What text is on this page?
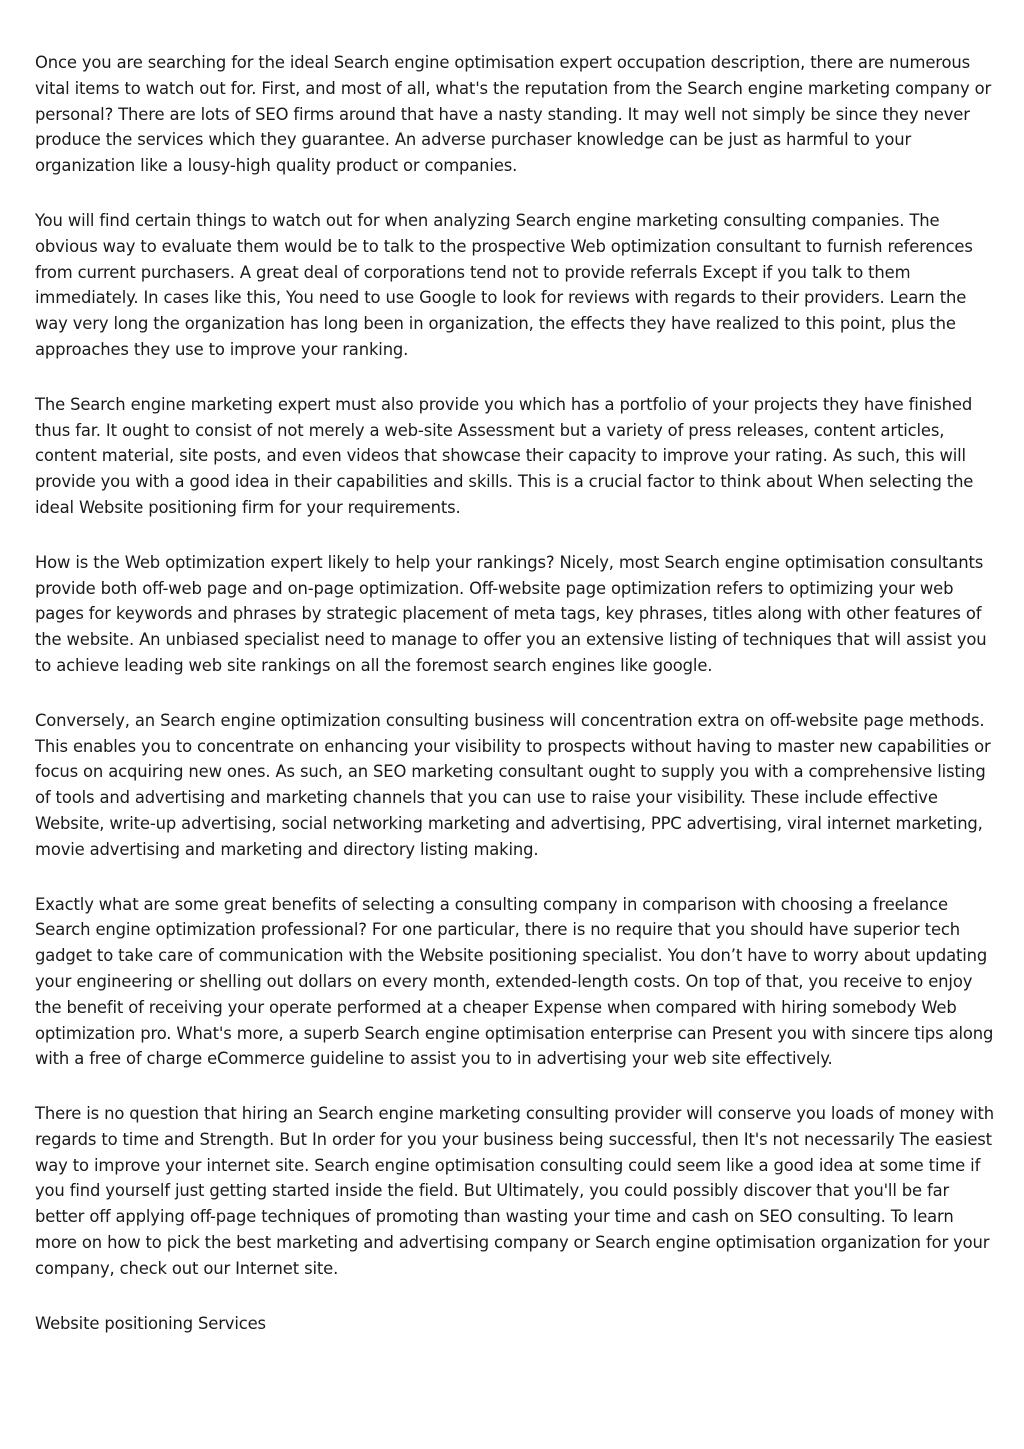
Once you are searching for the ideal Search engine optimisation expert occupation description, there are numerous vital items to watch out for. First, and most of all, what's the reputation from the Search engine marketing company or personal? There are lots of SEO firms around that have a nasty standing. It may well not simply be since they never produce the services which they guarantee. An adverse purchaser knowledge can be just as harmful to your organization like a lousy-high quality product or companies.

You will find certain things to watch out for when analyzing Search engine marketing consulting companies. The obvious way to evaluate them would be to talk to the prospective Web optimization consultant to furnish references from current purchasers. A great deal of corporations tend not to provide referrals Except if you talk to them immediately. In cases like this, You need to use Google to look for reviews with regards to their providers. Learn the way very long the organization has long been in organization, the effects they have realized to this point, plus the approaches they use to improve your ranking.

The Search engine marketing expert must also provide you which has a portfolio of your projects they have finished thus far. It ought to consist of not merely a web-site Assessment but a variety of press releases, content articles, content material, site posts, and even videos that showcase their capacity to improve your rating. As such, this will provide you with a good idea in their capabilities and skills. This is a crucial factor to think about When selecting the ideal Website positioning firm for your requirements.

How is the Web optimization expert likely to help your rankings? Nicely, most Search engine optimisation consultants provide both off-web page and on-page optimization. Off-website page optimization refers to optimizing your web pages for keywords and phrases by strategic placement of meta tags, key phrases, titles along with other features of the website. An unbiased specialist need to manage to offer you an extensive listing of techniques that will assist you to achieve leading web site rankings on all the foremost search engines like google.

Conversely, an Search engine optimization consulting business will concentration extra on off-website page methods. This enables you to concentrate on enhancing your visibility to prospects without having to master new capabilities or focus on acquiring new ones. As such, an SEO marketing consultant ought to supply you with a comprehensive listing of tools and advertising and marketing channels that you can use to raise your visibility. These include effective Website, write-up advertising, social networking marketing and advertising, PPC advertising, viral internet marketing, movie advertising and marketing and directory listing making.

Exactly what are some great benefits of selecting a consulting company in comparison with choosing a freelance Search engine optimization professional? For one particular, there is no require that you should have superior tech gadget to take care of communication with the Website positioning specialist. You don’t have to worry about updating your engineering or shelling out dollars on every month, extended-length costs. On top of that, you receive to enjoy the benefit of receiving your operate performed at a cheaper Expense when compared with hiring somebody Web optimization pro. What's more, a superb Search engine optimisation enterprise can Present you with sincere tips along with a free of charge eCommerce guideline to assist you to in advertising your web site effectively.

There is no question that hiring an Search engine marketing consulting provider will conserve you loads of money with regards to time and Strength. But In order for you your business being successful, then It's not necessarily The easiest way to improve your internet site. Search engine optimisation consulting could seem like a good idea at some time if you find yourself just getting started inside the field. But Ultimately, you could possibly discover that you'll be far better off applying off-page techniques of promoting than wasting your time and cash on SEO consulting. To learn more on how to pick the best marketing and advertising company or Search engine optimisation organization for your company, check out our Internet site.

Website positioning Services
